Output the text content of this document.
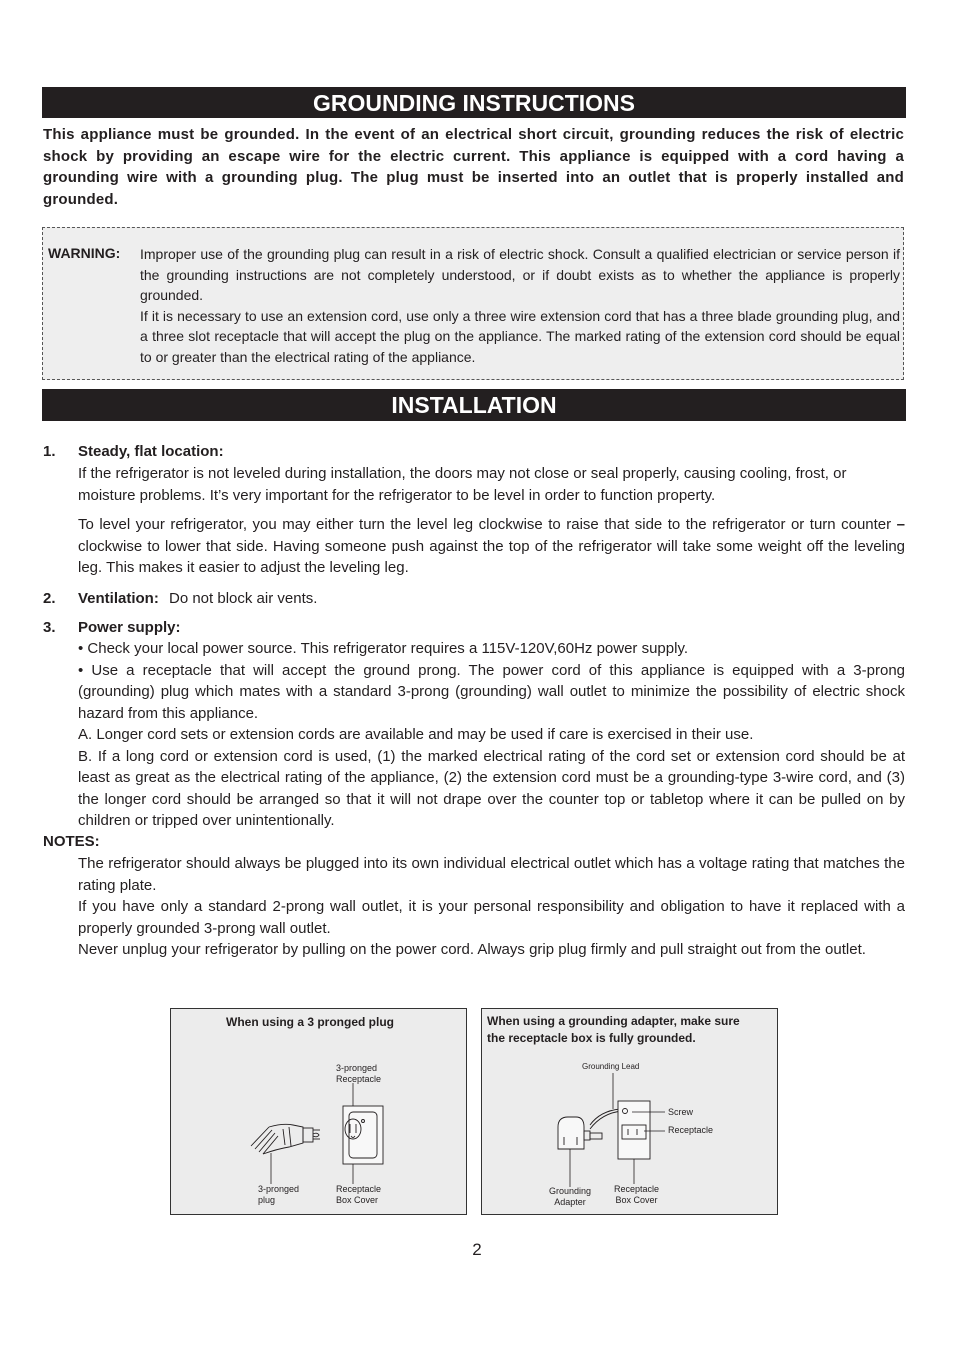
GROUNDING INSTRUCTIONS
This appliance must be grounded. In the event of an electrical short circuit, grounding reduces the risk of electric shock by providing an escape wire for the electric current. This appliance is equipped with a cord having a grounding wire with a grounding plug. The plug must be inserted into an outlet that is properly installed and grounded.
WARNING: Improper use of the grounding plug can result in a risk of electric shock. Consult a qualified electrician or service person if the grounding instructions are not completely understood, or if doubt exists as to whether the appliance is properly grounded.

If it is necessary to use an extension cord, use only a three wire extension cord that has a three blade grounding plug, and a three slot receptacle that will accept the plug on the appliance. The marked rating of the extension cord should be equal to or greater than the electrical rating of the appliance.

INSTALLATION
1. Steady, flat location:
If the refrigerator is not leveled during installation, the doors may not close or seal properly, causing cooling, frost, or moisture problems. It’s very important for the refrigerator to be level in order to function property.
To level your refrigerator, you may either turn the level leg clockwise to raise that side to the refrigerator or turn counter – clockwise to lower that side. Having someone push against the top of the refrigerator will take some weight off the leveling leg. This makes it easier to adjust the leveling leg.
2. Ventilation: Do not block air vents.
3. Power supply:

• Check your local power source. This refrigerator requires a 115V-120V,60Hz power supply.

• Use a receptacle that will accept the ground prong. The power cord of this appliance is equipped with a 3-prong (grounding) plug which mates with a standard 3-prong (grounding) wall outlet to minimize the possibility of electric shock hazard from this appliance.

A. Longer cord sets or extension cords are available and may be used if care is exercised in their use.

B. If a long cord or extension cord is used, (1) the marked electrical rating of the cord set or extension cord should be at least as great as the electrical rating of the appliance, (2) the extension cord must be a grounding-type 3-wire cord, and (3) the longer cord should be arranged so that it will not drape over the counter top or tabletop where it can be pulled on by children or tripped over unintentionally.

NOTES:

The refrigerator should always be plugged into its own individual electrical outlet which has a voltage rating that matches the rating plate.

If you have only a standard 2-prong wall outlet, it is your personal responsibility and obligation to have it replaced with a properly grounded 3-prong wall outlet.

Never unplug your refrigerator by pulling on the power cord. Always grip plug firmly and pull straight out from the outlet.

When using a 3 pronged plug
3-pronged
Receptacle
3-pronged
plug
Receptacle
Box Cover
When using a grounding adapter, make sure
the receptacle box is fully grounded.
Grounding Lead
Screw
Receptacle
Grounding
Adapter
Receptacle
Box Cover
2
